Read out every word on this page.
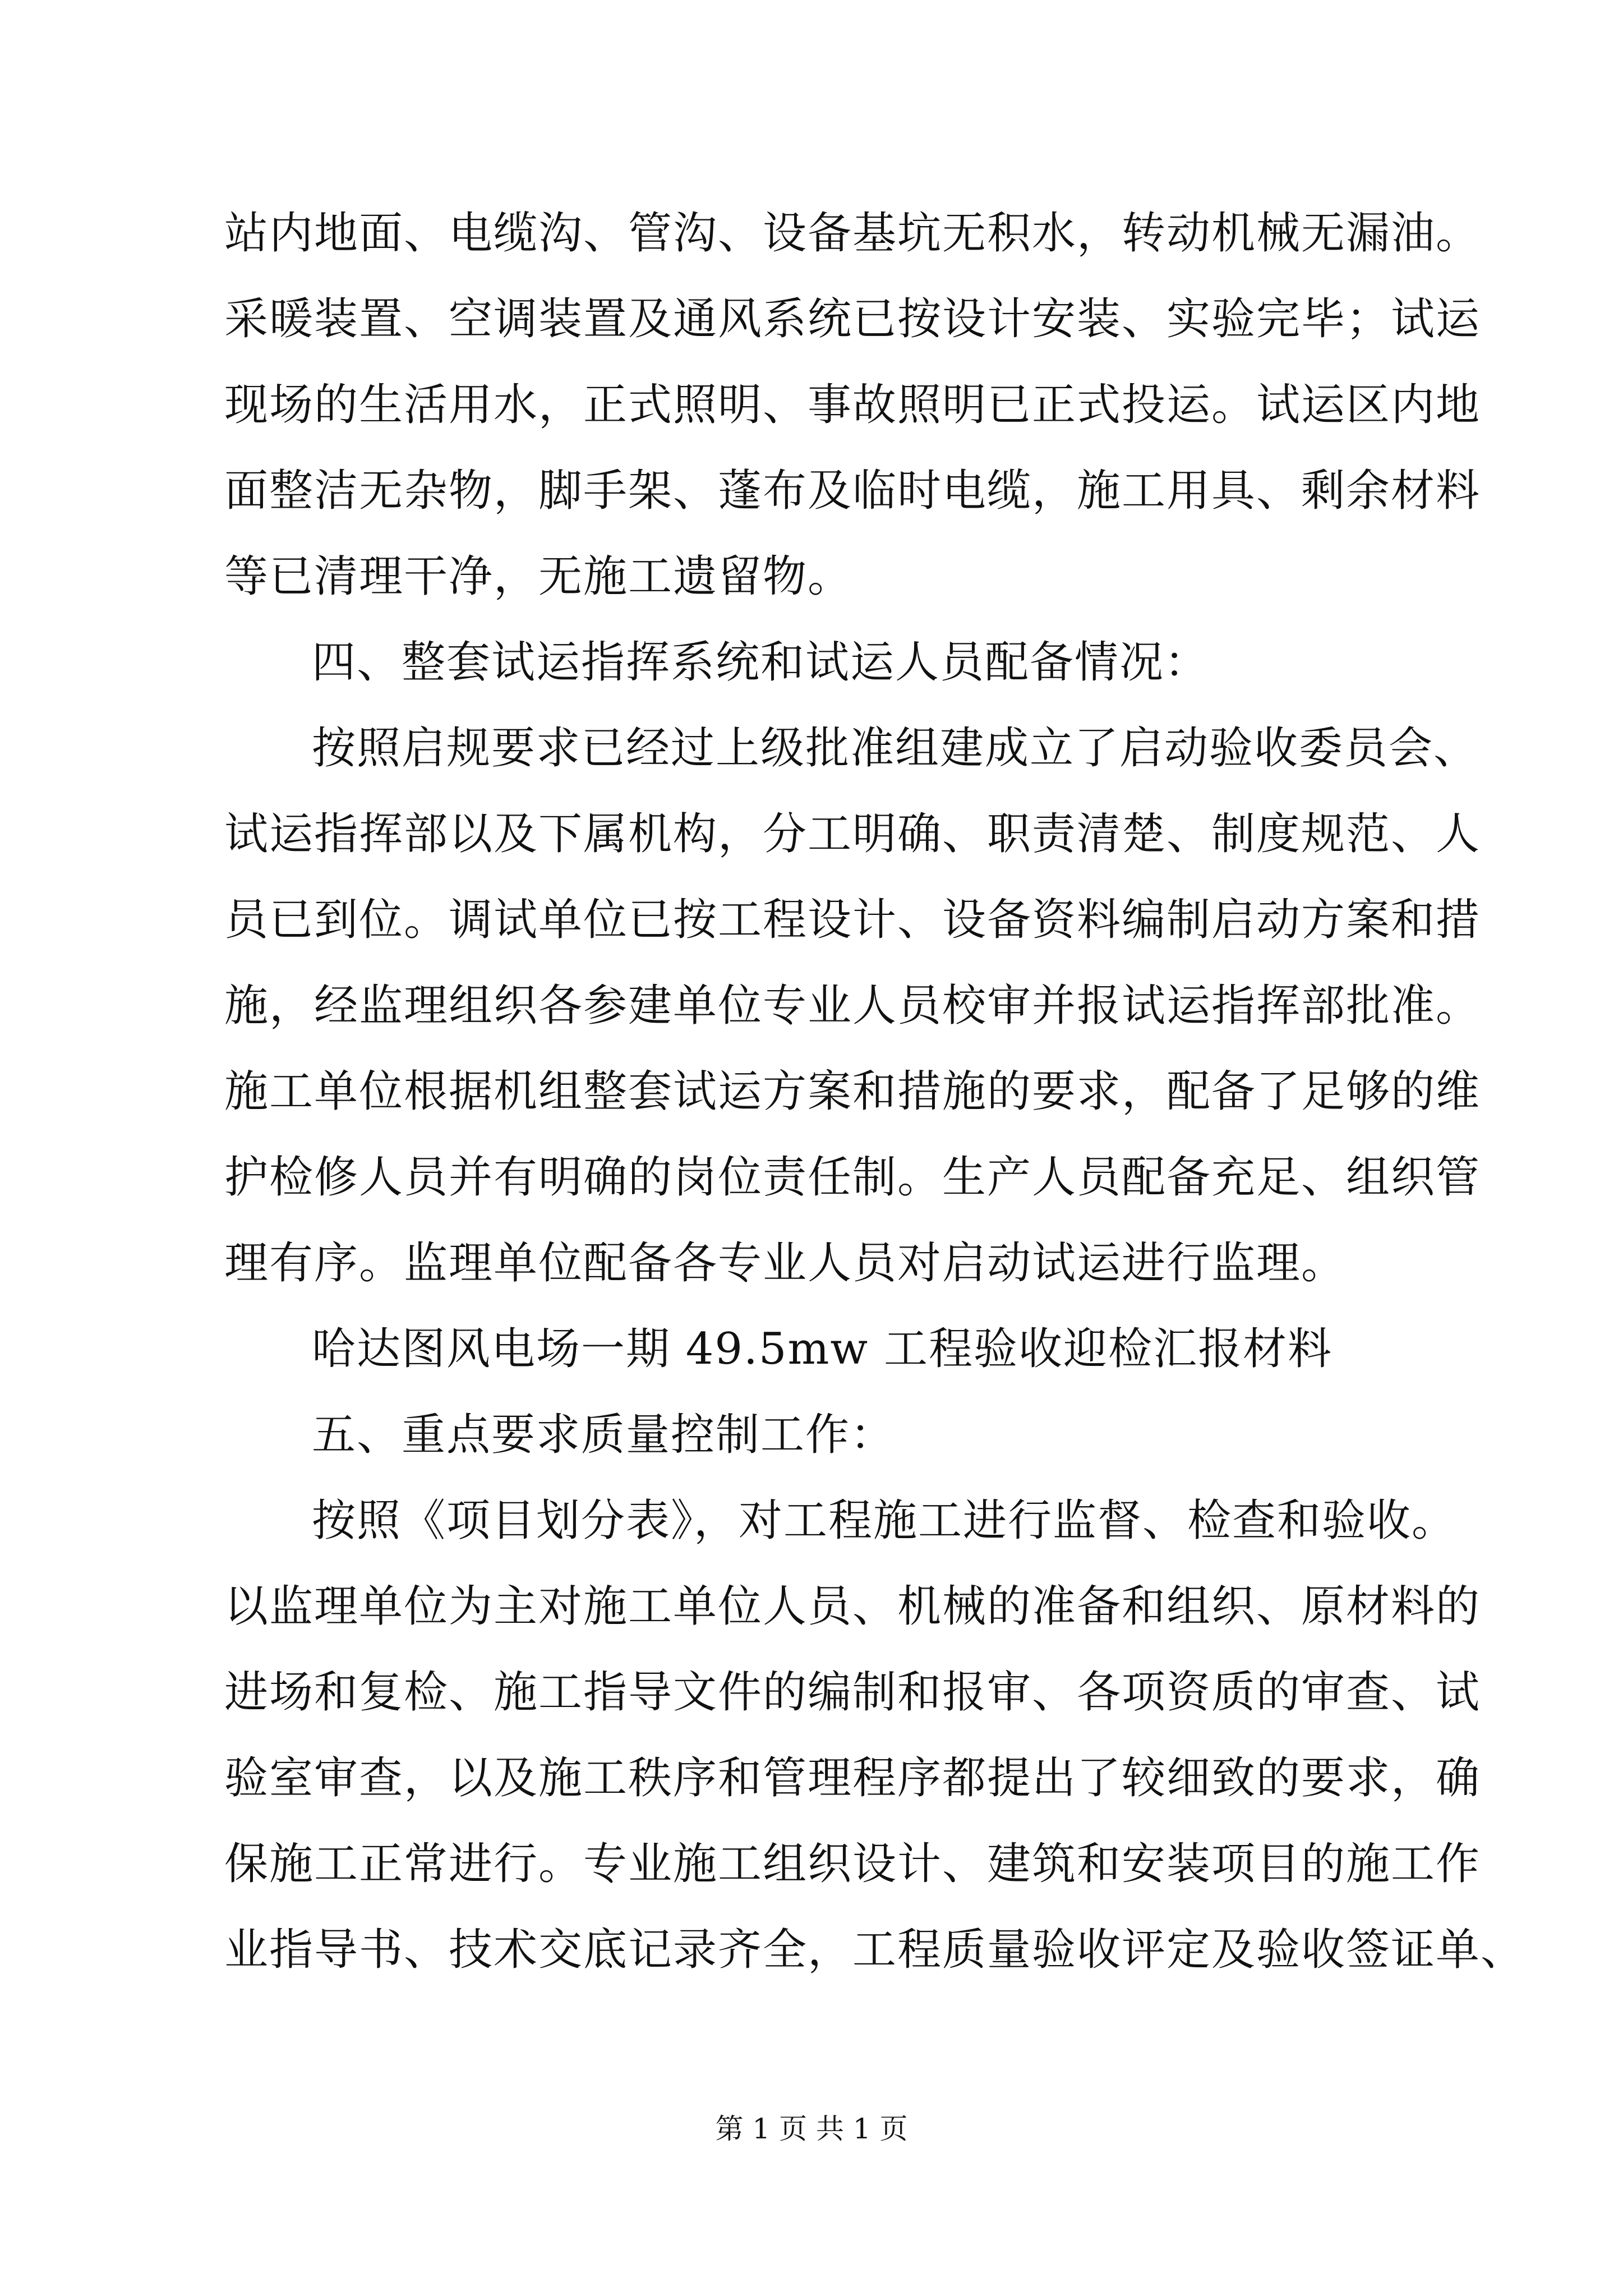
站内地面、电缆沟、管沟、设备基坑无积水，转动机械无漏油。
采暖装置、空调装置及通风系统已按设计安装、实验完毕；试运
现场的生活用水，正式照明、事故照明已正式投运。试运区内地
面整洁无杂物，脚手架、蓬布及临时电缆，施工用具、剩余材料
等已清理干净，无施工遗留物。
四、整套试运指挥系统和试运人员配备情况：
按照启规要求已经过上级批准组建成立了启动验收委员会、
试运指挥部以及下属机构，分工明确、职责清楚、制度规范、人
员已到位。调试单位已按工程设计、设备资料编制启动方案和措
施，经监理组织各参建单位专业人员校审并报试运指挥部批准。
施工单位根据机组整套试运方案和措施的要求，配备了足够的维
护检修人员并有明确的岗位责任制。生产人员配备充足、组织管
理有序。监理单位配备各专业人员对启动试运进行监理。
哈达图风电场一期 49.5mw 工程验收迎检汇报材料
五、重点要求质量控制工作：
按照《项目划分表》，对工程施工进行监督、检查和验收。
以监理单位为主对施工单位人员、机械的准备和组织、原材料的
进场和复检、施工指导文件的编制和报审、各项资质的审查、试
验室审查，以及施工秩序和管理程序都提出了较细致的要求，确
保施工正常进行。专业施工组织设计、建筑和安装项目的施工作
业指导书、技术交底记录齐全，工程质量验收评定及验收签证单、
第 1 页 共 1 页
